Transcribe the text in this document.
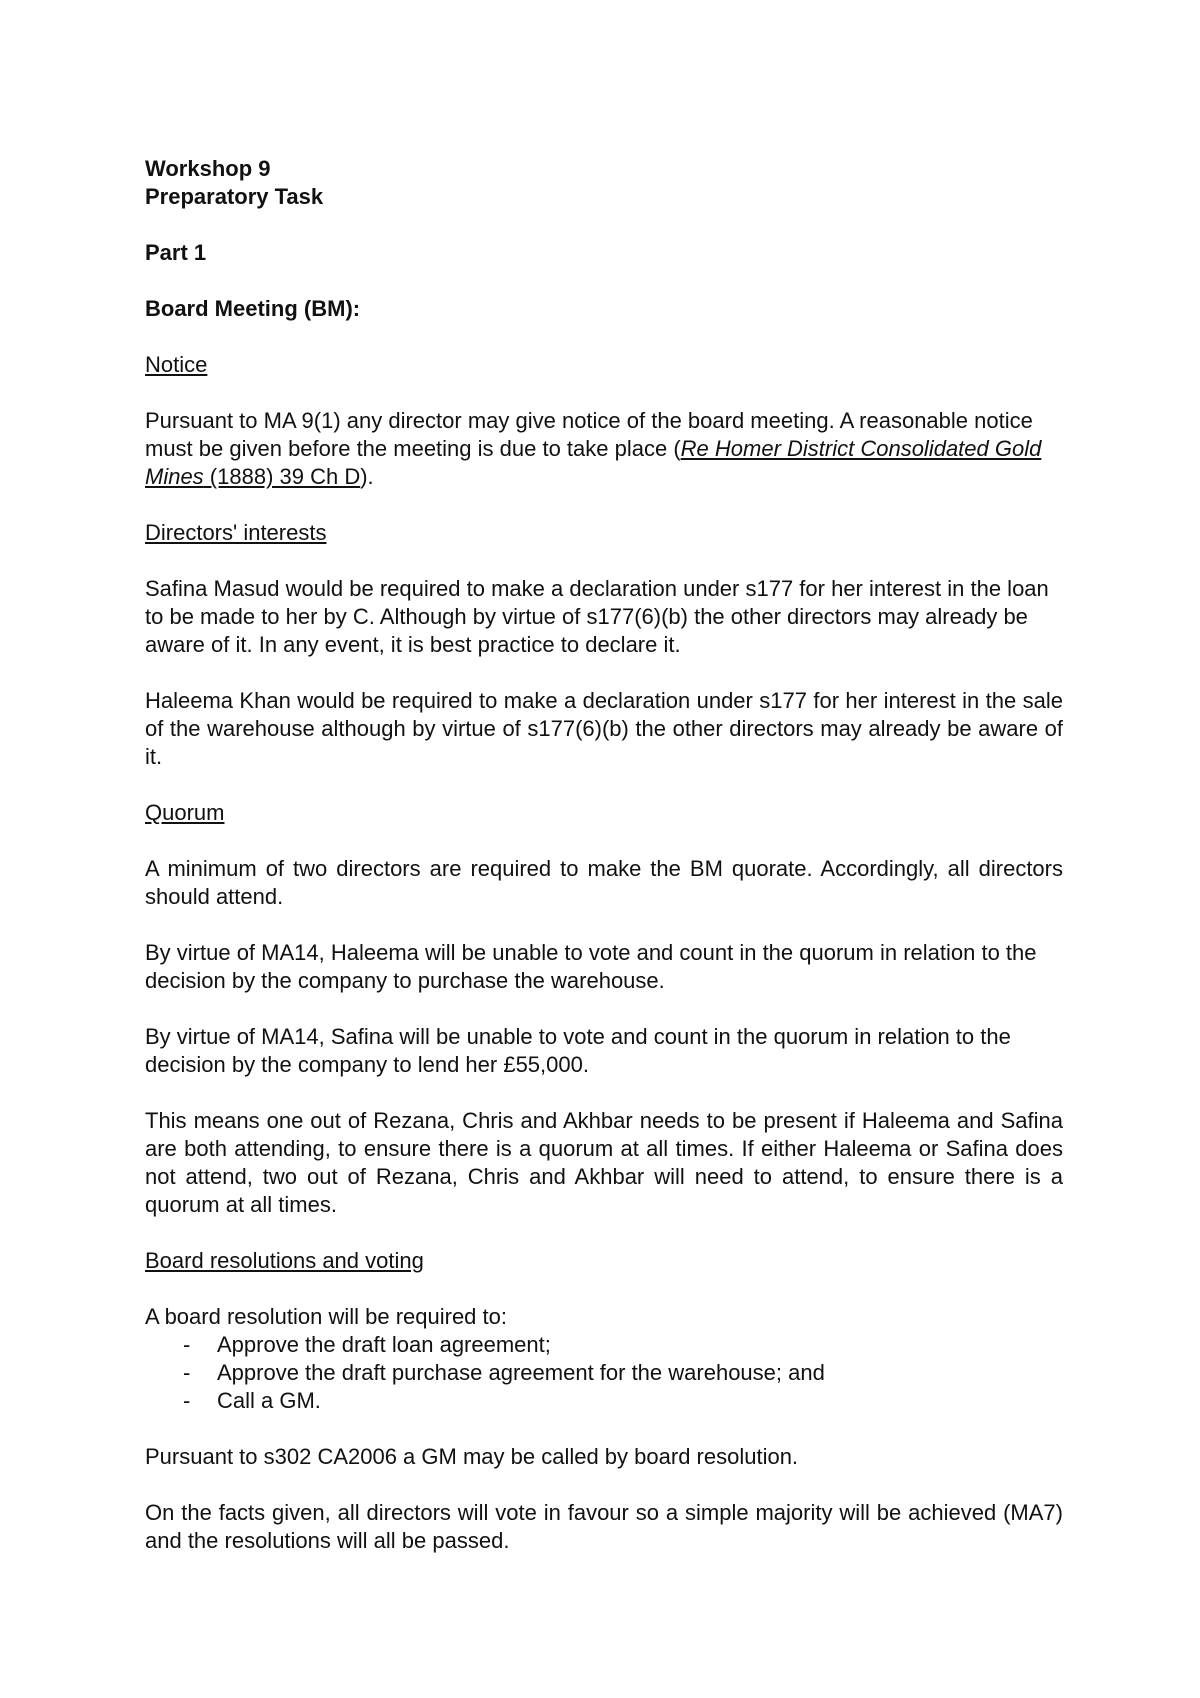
Workshop 9

Preparatory Task

Part 1

Board Meeting (BM):

Notice

Pursuant to MA 9(1) any director may give notice of the board meeting. A reasonable notice must be given before the meeting is due to take place (Re Homer District Consolidated Gold Mines (1888) 39 Ch D).

Directors' interests

Safina Masud would be required to make a declaration under s177 for her interest in the loan to be made to her by C. Although by virtue of s177(6)(b) the other directors may already be aware of it. In any event, it is best practice to declare it.

Haleema Khan would be required to make a declaration under s177 for her interest in the sale of the warehouse although by virtue of s177(6)(b) the other directors may already be aware of it.

Quorum

A minimum of two directors are required to make the BM quorate. Accordingly, all directors should attend.

By virtue of MA14, Haleema will be unable to vote and count in the quorum in relation to the decision by the company to purchase the warehouse.

By virtue of MA14, Safina will be unable to vote and count in the quorum in relation to the decision by the company to lend her £55,000.

This means one out of Rezana, Chris and Akhbar needs to be present if Haleema and Safina are both attending, to ensure there is a quorum at all times. If either Haleema or Safina does not attend, two out of Rezana, Chris and Akhbar will need to attend, to ensure there is a quorum at all times.

Board resolutions and voting

A board resolution will be required to:

- Approve the draft loan agreement;
- Approve the draft purchase agreement for the warehouse; and
- Call a GM.

Pursuant to s302 CA2006 a GM may be called by board resolution.

On the facts given, all directors will vote in favour so a simple majority will be achieved (MA7) and the resolutions will all be passed.
